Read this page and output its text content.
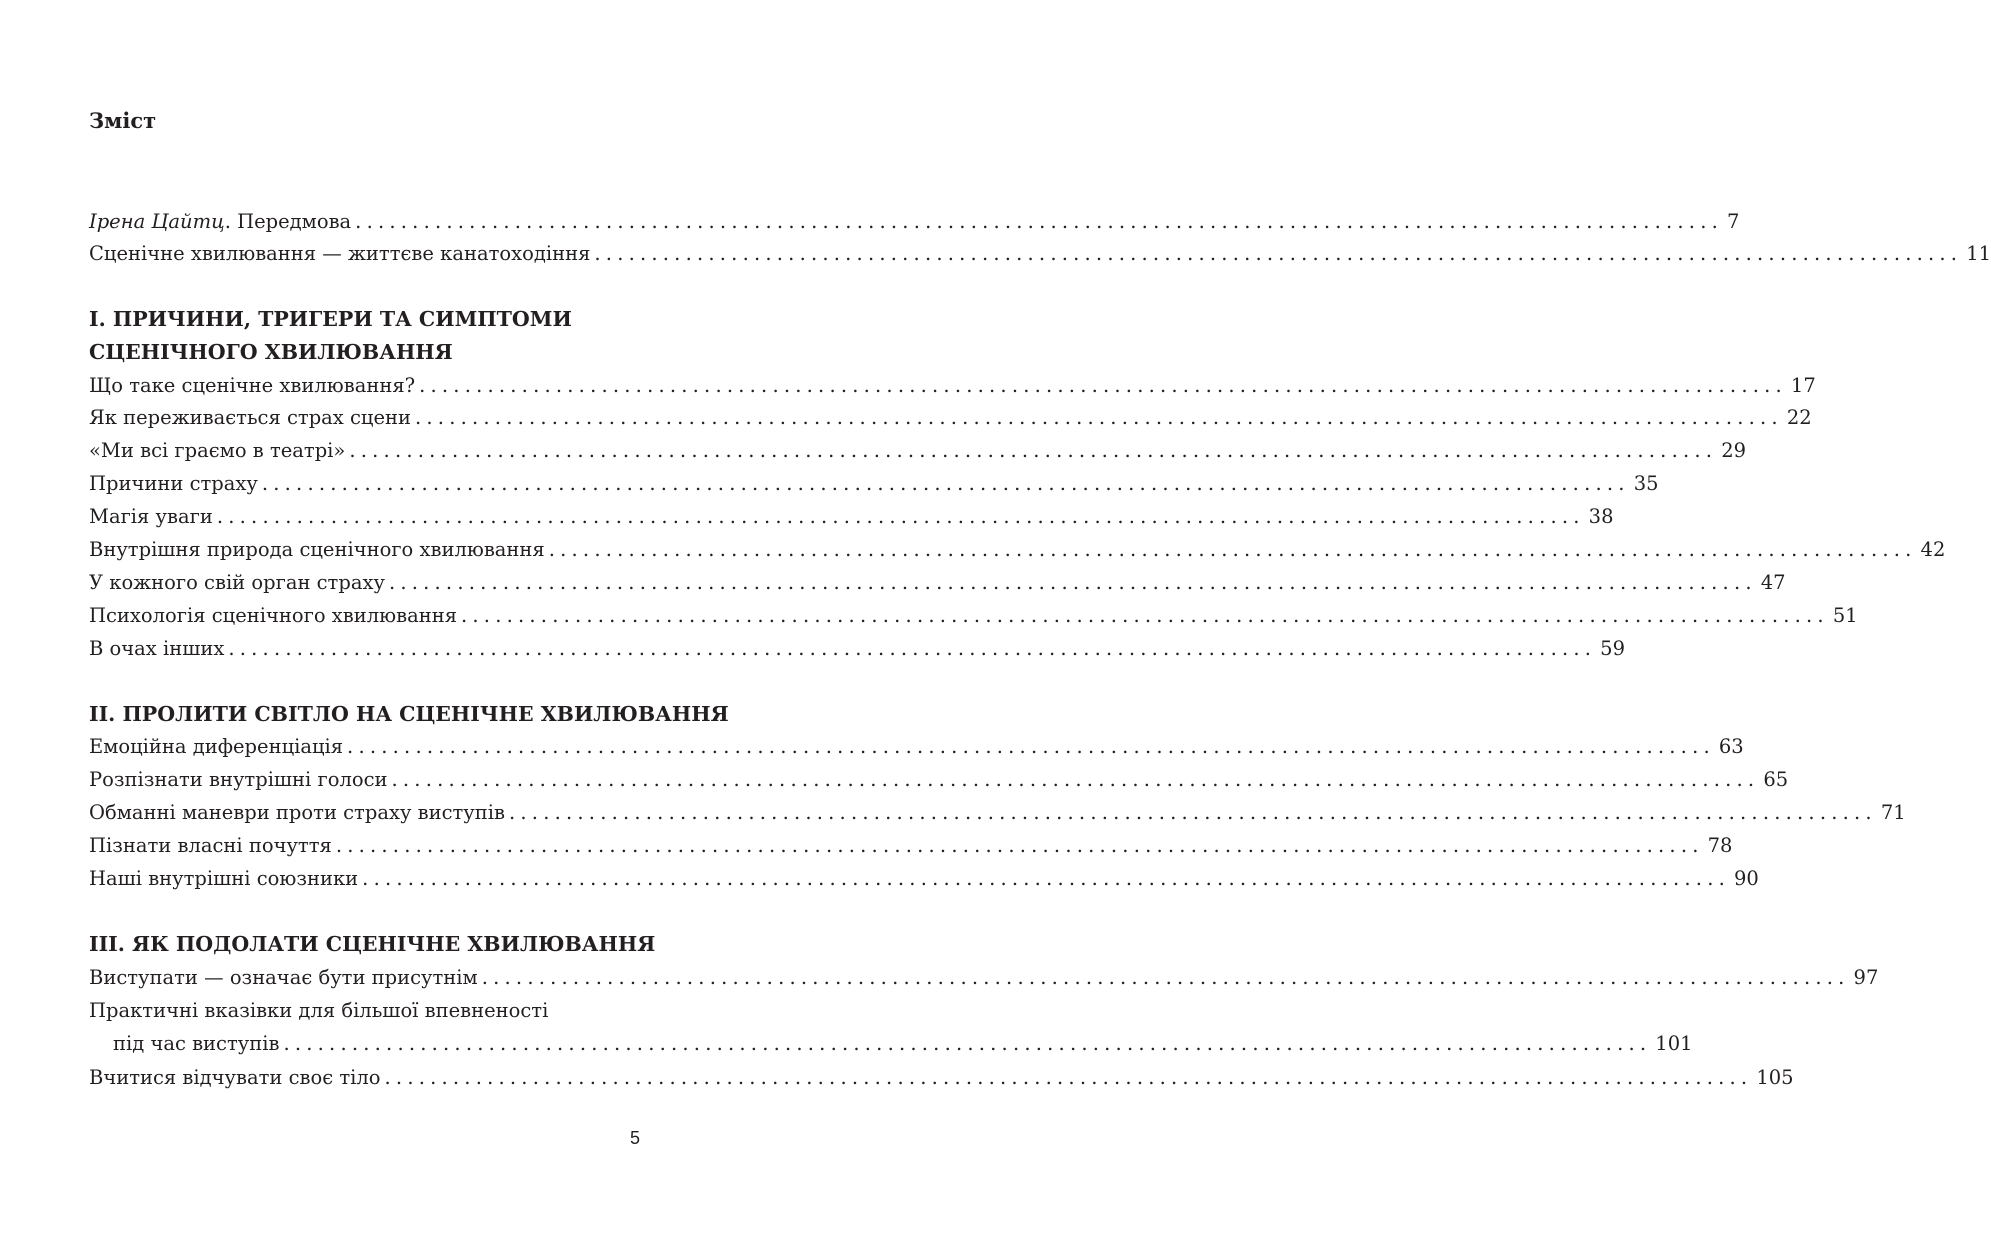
Зміст
Ірена Цайтц. Передмова ........................................................................................................................ 7
Сценічне хвилювання — життєве канатоходіння ........................................................................................................................ 11
I. ПРИЧИНИ, ТРИГЕРИ ТА СИМПТОМИ
СЦЕНІЧНОГО ХВИЛЮВАННЯ
Що таке сценічне хвилювання? ........................................................................................................................ 17
Як переживається страх сцени ........................................................................................................................ 22
«Ми всі граємо в театрі» ........................................................................................................................ 29
Причини страху ........................................................................................................................ 35
Магія уваги ........................................................................................................................ 38
Внутрішня природа сценічного хвилювання ........................................................................................................................ 42
У кожного свій орган страху ........................................................................................................................ 47
Психологія сценічного хвилювання ........................................................................................................................ 51
В очах інших ........................................................................................................................ 59
II. ПРОЛИТИ СВІТЛО НА СЦЕНІЧНЕ ХВИЛЮВАННЯ
Емоційна диференціація ........................................................................................................................ 63
Розпізнати внутрішні голоси ........................................................................................................................ 65
Обманні маневри проти страху виступів ........................................................................................................................ 71
Пізнати власні почуття ........................................................................................................................ 78
Наші внутрішні союзники ........................................................................................................................ 90
III. ЯК ПОДОЛАТИ СЦЕНІЧНЕ ХВИЛЮВАННЯ
Виступати — означає бути присутнім ........................................................................................................................ 97
Практичні вказівки для більшої впевненості
під час виступів ........................................................................................................................ 101
Вчитися відчувати своє тіло ........................................................................................................................ 105
5
